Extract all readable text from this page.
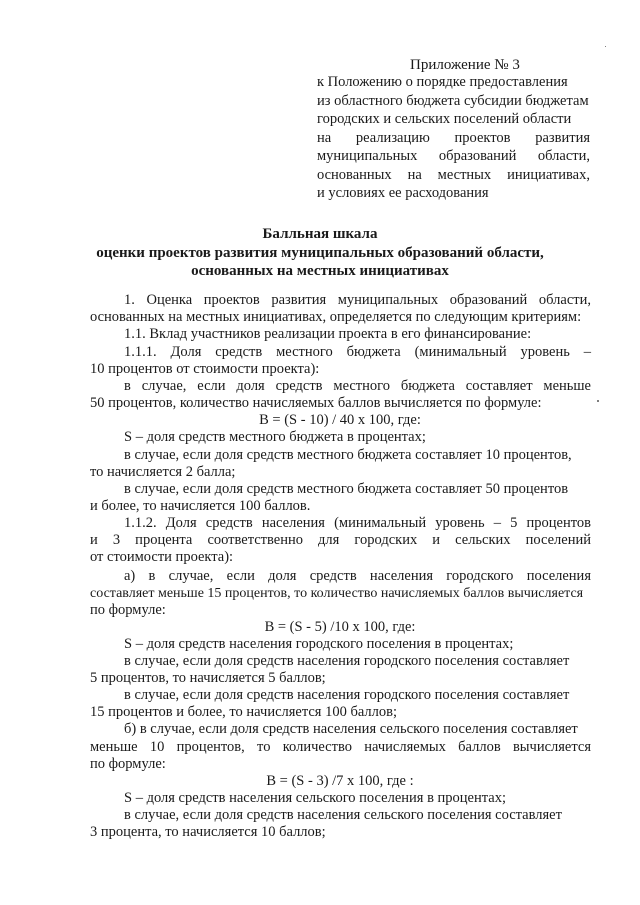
Приложение № 3
к Положению о порядке предоставления
из областного бюджета субсидии бюджетам
городских и сельских поселений области
на реализацию проектов развития
муниципальных образований области,
основанных на местных инициативах,
и условиях ее расходования
Балльная шкала
оценки проектов развития муниципальных образований области,
основанных на местных инициативах
1. Оценка проектов развития муниципальных образований области,
основанных на местных инициативах, определяется по следующим критериям:
1.1. Вклад участников реализации проекта в его финансирование:
1.1.1. Доля средств местного бюджета (минимальный уровень –
10 процентов от стоимости проекта):
в случае, если доля средств местного бюджета составляет меньше
50 процентов, количество начисляемых баллов вычисляется по формуле:
В = (S - 10) / 40 х 100, где:
S – доля средств местного бюджета в процентах;
в случае, если доля средств местного бюджета составляет 10 процентов,
то начисляется 2 балла;
в случае, если доля средств местного бюджета составляет 50 процентов
и более, то начисляется 100 баллов.
1.1.2. Доля средств населения (минимальный уровень – 5 процентов
и 3 процента соответственно для городских и сельских поселений
от стоимости проекта):
а) в случае, если доля средств населения городского поселения
составляет меньше 15 процентов, то количество начисляемых баллов вычисляется
по формуле:
В = (S - 5) /10 х 100, где:
S – доля средств населения городского поселения в процентах;
в случае, если доля средств населения городского поселения составляет
5 процентов, то начисляется 5 баллов;
в случае, если доля средств населения городского поселения составляет
15 процентов и более, то начисляется 100 баллов;
б) в случае, если доля средств населения сельского поселения составляет
меньше 10 процентов, то количество начисляемых баллов вычисляется
по формуле:
В = (S - 3) /7 х 100, где :
S – доля средств населения сельского поселения в процентах;
в случае, если доля средств населения сельского поселения составляет
3 процента, то начисляется 10 баллов;
